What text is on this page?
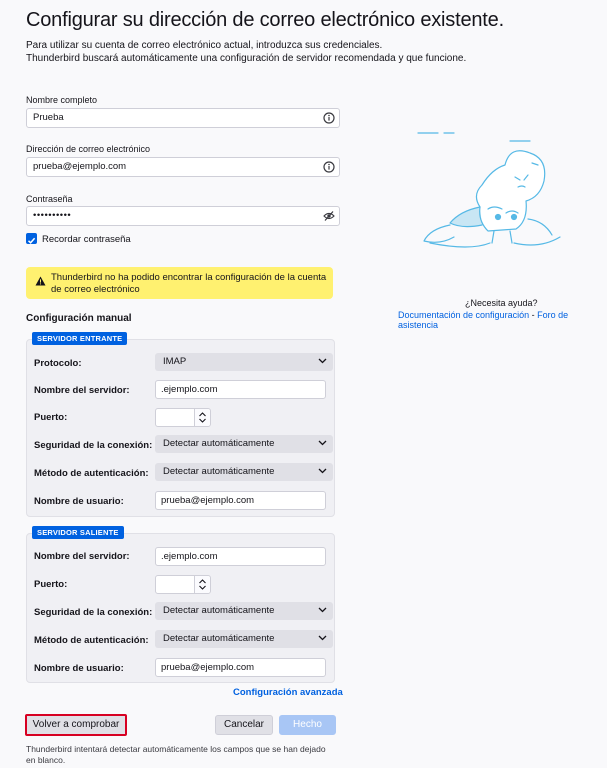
Configurar su dirección de correo electrónico existente.
Para utilizar su cuenta de correo electrónico actual, introduzca sus credenciales.
Thunderbird buscará automáticamente una configuración de servidor recomendada y que funcione.
Nombre completo
Prueba
Dirección de correo electrónico
prueba@ejemplo.com
Contraseña
••••••••••
Recordar contraseña
Thunderbird no ha podido encontrar la configuración de la cuenta de correo electrónico
Configuración manual
SERVIDOR ENTRANTE
Protocolo:	IMAP
Nombre del servidor:	.ejemplo.com
Puerto:
Seguridad de la conexión:	Detectar automáticamente
Método de autenticación:	Detectar automáticamente
Nombre de usuario:	prueba@ejemplo.com
SERVIDOR SALIENTE
Nombre del servidor:	.ejemplo.com
Puerto:
Seguridad de la conexión:	Detectar automáticamente
Método de autenticación:	Detectar automáticamente
Nombre de usuario:	prueba@ejemplo.com
Configuración avanzada
Volver a comprobar	Cancelar	Hecho
Thunderbird intentará detectar automáticamente los campos que se han dejado
en blanco.
¿Necesita ayuda?
Documentación de configuración - Foro de asistencia
